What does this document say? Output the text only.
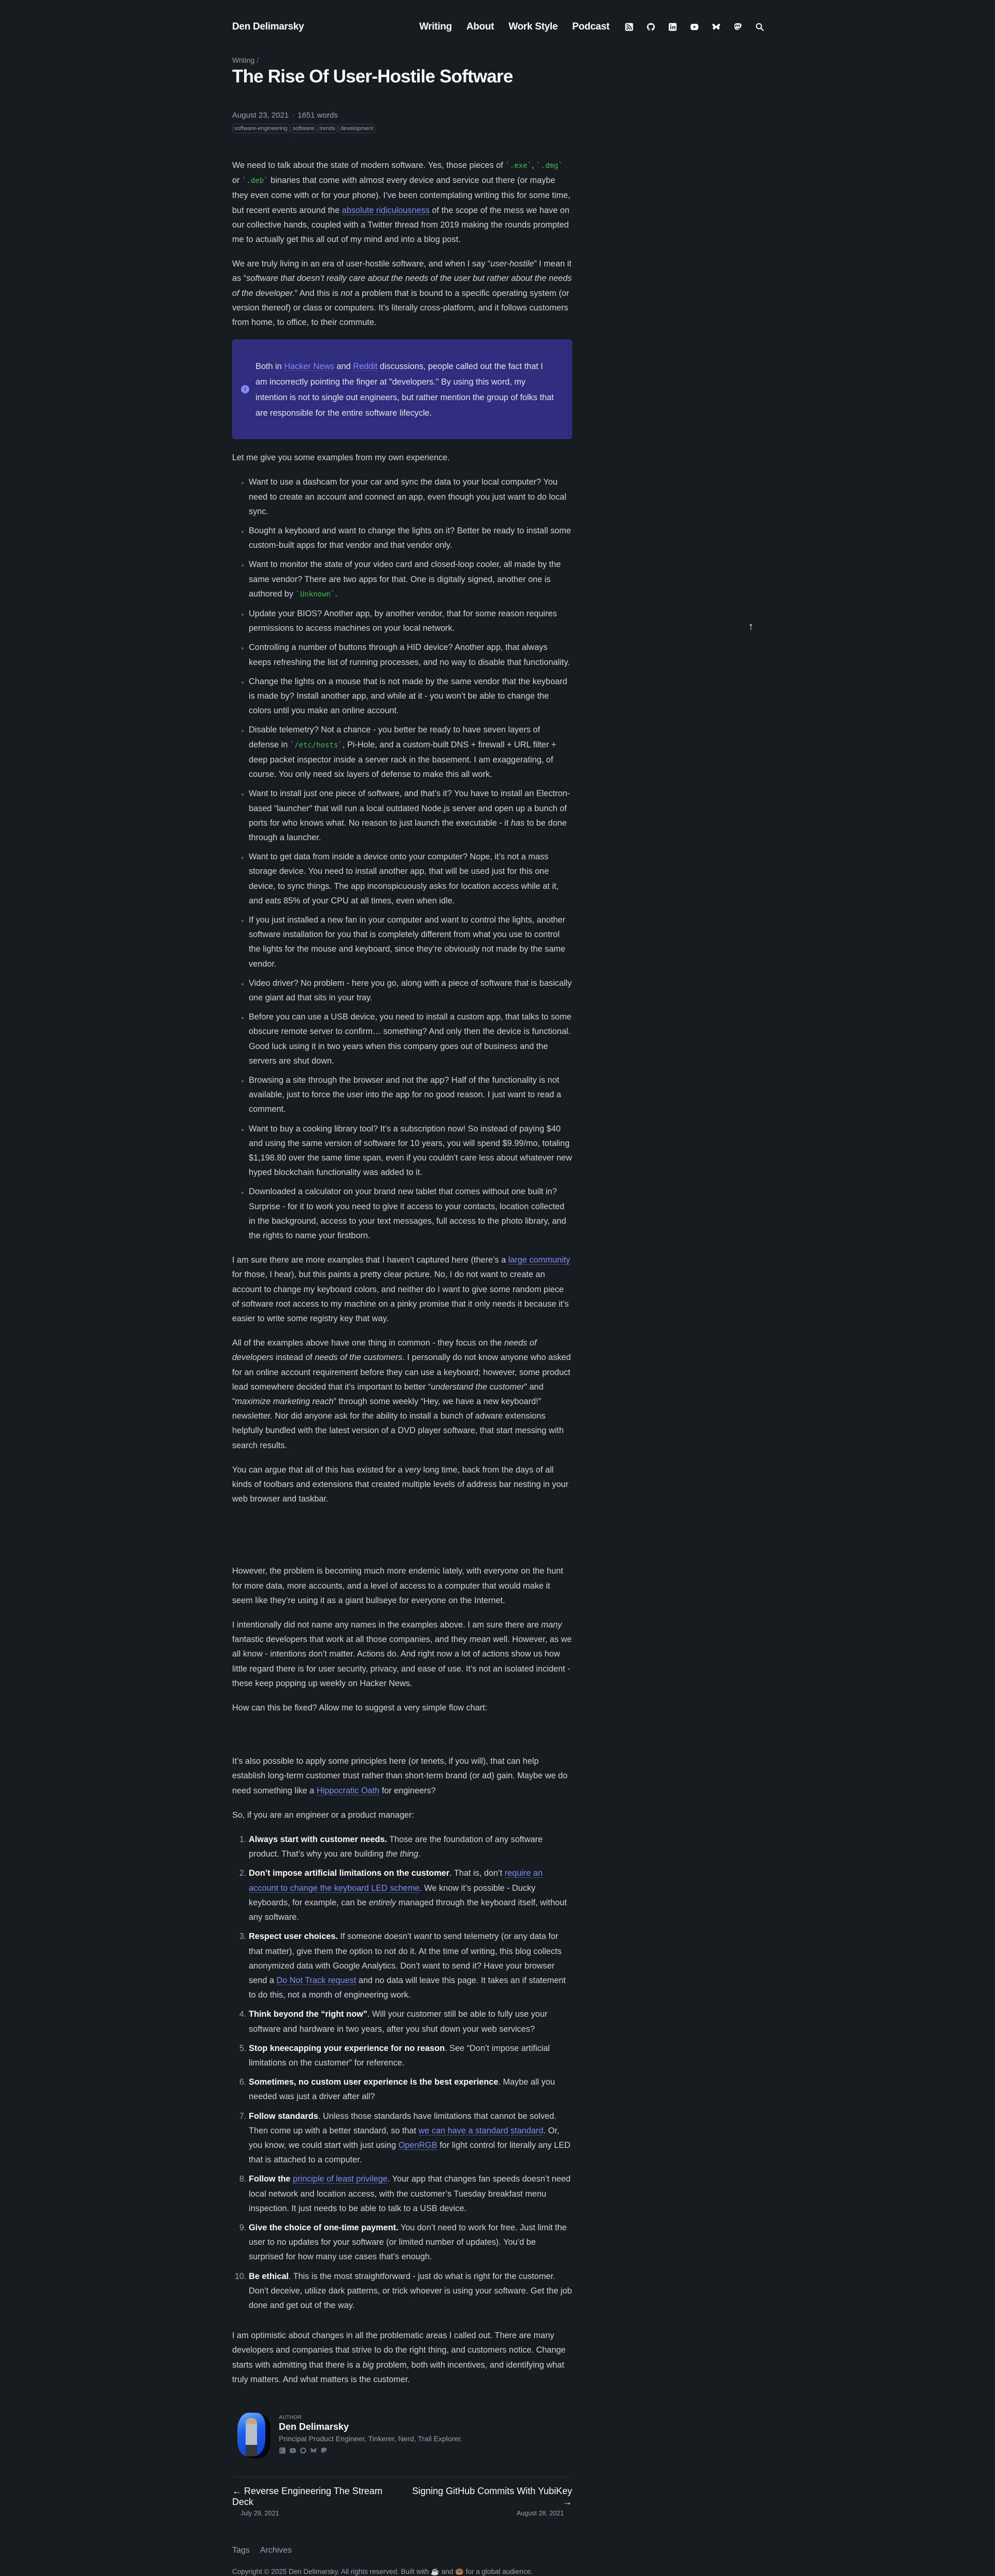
Den Delimarsky	Writing About Work Style Podcast
Writing /
The Rise Of User-Hostile Software
August 23, 2021 · 1651 words
software-engineering software trends development

We need to talk about the state of modern software. Yes, those pieces of ` .exe ` , ` .dmg ` or ` .deb ` binaries that come with almost every device and service out there (or maybe they even come with or for your phone). I’ve been contemplating writing this for some time, but recent events around the absolute ridiculousness of the scope of the mess we have on our collective hands, coupled with a Twitter thread from 2019 making the rounds prompted me to actually get this all out of my mind and into a blog post.

We are truly living in an era of user-hostile software, and when I say “user-hostile” I mean it as “software that doesn’t really care about the needs of the user but rather about the needs of the developer.” And this is not a problem that is bound to a specific operating system (or version thereof) or class or computers. It’s literally cross-platform, and it follows customers from home, to office, to their commute.

i
Both in Hacker News and Reddit discussions, people called out the fact that I am incorrectly pointing the finger at "developers." By using this word, my intention is not to single out engineers, but rather mention the group of folks that are responsible for the entire software lifecycle.

Let me give you some examples from my own experience.

• Want to use a dashcam for your car and sync the data to your local computer? You need to create an account and connect an app, even though you just want to do local sync.
• Bought a keyboard and want to change the lights on it? Better be ready to install some custom-built apps for that vendor and that vendor only.
• Want to monitor the state of your video card and closed-loop cooler, all made by the same vendor? There are two apps for that. One is digitally signed, another one is authored by ` Unknown ` .
• Update your BIOS? Another app, by another vendor, that for some reason requires permissions to access machines on your local network.
• Controlling a number of buttons through a HID device? Another app, that always keeps refreshing the list of running processes, and no way to disable that functionality.
• Change the lights on a mouse that is not made by the same vendor that the keyboard is made by? Install another app, and while at it - you won’t be able to change the colors until you make an online account.
• Disable telemetry? Not a chance - you better be ready to have seven layers of defense in ` /etc/hosts ` , Pi-Hole, and a custom-built DNS + firewall + URL filter + deep packet inspector inside a server rack in the basement. I am exaggerating, of course. You only need six layers of defense to make this all work.
• Want to install just one piece of software, and that’s it? You have to install an Electron-based “launcher” that will run a local outdated Node.js server and open up a bunch of ports for who knows what. No reason to just launch the executable - it has to be done through a launcher.
• Want to get data from inside a device onto your computer? Nope, it’s not a mass storage device. You need to install another app, that will be used just for this one device, to sync things. The app inconspicuously asks for location access while at it, and eats 85% of your CPU at all times, even when idle.
• If you just installed a new fan in your computer and want to control the lights, another software installation for you that is completely different from what you use to control the lights for the mouse and keyboard, since they’re obviously not made by the same vendor.
• Video driver? No problem - here you go, along with a piece of software that is basically one giant ad that sits in your tray.
• Before you can use a USB device, you need to install a custom app, that talks to some obscure remote server to confirm… something? And only then the device is functional. Good luck using it in two years when this company goes out of business and the servers are shut down.
• Browsing a site through the browser and not the app? Half of the functionality is not available, just to force the user into the app for no good reason. I just want to read a comment.
• Want to buy a cooking library tool? It’s a subscription now! So instead of paying $40 and using the same version of software for 10 years, you will spend $9.99/mo, totaling $1,198.80 over the same time span, even if you couldn’t care less about whatever new hyped blockchain functionality was added to it.
• Downloaded a calculator on your brand new tablet that comes without one built in? Surprise - for it to work you need to give it access to your contacts, location collected in the background, access to your text messages, full access to the photo library, and the rights to name your firstborn.

I am sure there are more examples that I haven’t captured here (there’s a large community for those, I hear), but this paints a pretty clear picture. No, I do not want to create an account to change my keyboard colors, and neither do I want to give some random piece of software root access to my machine on a pinky promise that it only needs it because it’s easier to write some registry key that way.

All of the examples above have one thing in common - they focus on the needs of developers instead of needs of the customers. I personally do not know anyone who asked for an online account requirement before they can use a keyboard; however, some product lead somewhere decided that it’s important to better “understand the customer” and “maximize marketing reach” through some weekly “Hey, we have a new keyboard!” newsletter. Nor did anyone ask for the ability to install a bunch of adware extensions helpfully bundled with the latest version of a DVD player software, that start messing with search results.

You can argue that all of this has existed for a very long time, back from the days of all kinds of toolbars and extensions that created multiple levels of address bar nesting in your web browser and taskbar.

However, the problem is becoming much more endemic lately, with everyone on the hunt for more data, more accounts, and a level of access to a computer that would make it seem like they’re using it as a giant bullseye for everyone on the Internet.

I intentionally did not name any names in the examples above. I am sure there are many fantastic developers that work at all those companies, and they mean well. However, as we all know - intentions don’t matter. Actions do. And right now a lot of actions show us how little regard there is for user security, privacy, and ease of use. It’s not an isolated incident - these keep popping up weekly on Hacker News.

How can this be fixed? Allow me to suggest a very simple flow chart:

It’s also possible to apply some principles here (or tenets, if you will), that can help establish long-term customer trust rather than short-term brand (or ad) gain. Maybe we do need something like a Hippocratic Oath for engineers?

So, if you are an engineer or a product manager:

1. Always start with customer needs. Those are the foundation of any software product. That’s why you are building the thing.
2. Don’t impose artificial limitations on the customer. That is, don’t require an account to change the keyboard LED scheme. We know it’s possible - Ducky keyboards, for example, can be entirely managed through the keyboard itself, without any software.
3. Respect user choices. If someone doesn’t want to send telemetry (or any data for that matter), give them the option to not do it. At the time of writing, this blog collects anonymized data with Google Analytics. Don’t want to send it? Have your browser send a Do Not Track request and no data will leave this page. It takes an if statement to do this, not a month of engineering work.
4. Think beyond the “right now”. Will your customer still be able to fully use your software and hardware in two years, after you shut down your web services?
5. Stop kneecapping your experience for no reason. See “Don’t impose artificial limitations on the customer” for reference.
6. Sometimes, no custom user experience is the best experience. Maybe all you needed was just a driver after all?
7. Follow standards. Unless those standards have limitations that cannot be solved. Then come up with a better standard, so that we can have a standard standard. Or, you know, we could start with just using OpenRGB for light control for literally any LED that is attached to a computer.
8. Follow the principle of least privilege. Your app that changes fan speeds doesn’t need local network and location access, with the customer’s Tuesday breakfast menu inspection. It just needs to be able to talk to a USB device.
9. Give the choice of one-time payment. You don’t need to work for free. Just limit the user to no updates for your software (or limited number of updates). You’d be surprised for how many use cases that’s enough.
10. Be ethical. This is the most straightforward - just do what is right for the customer. Don’t deceive, utilize dark patterns, or trick whoever is using your software. Get the job done and get out of the way.

I am optimistic about changes in all the problematic areas I called out. There are many developers and companies that strive to do the right thing, and customers notice. Change starts with admitting that there is a big problem, both with incentives, and identifying what truly matters. And what matters is the customer.

AUTHOR
Den Delimarsky
Principal Product Engineer, Tinkerer, Nerd, Trail Explorer.
← Reverse Engineering The Stream Deck
July 29, 2021
Signing GitHub Commits With YubiKey →
August 28, 2021
Tags Archives
Copyright © 2025 Den Delimarsky. All rights reserved. Built with ☕ and 🍩 for a global audience.
↑
